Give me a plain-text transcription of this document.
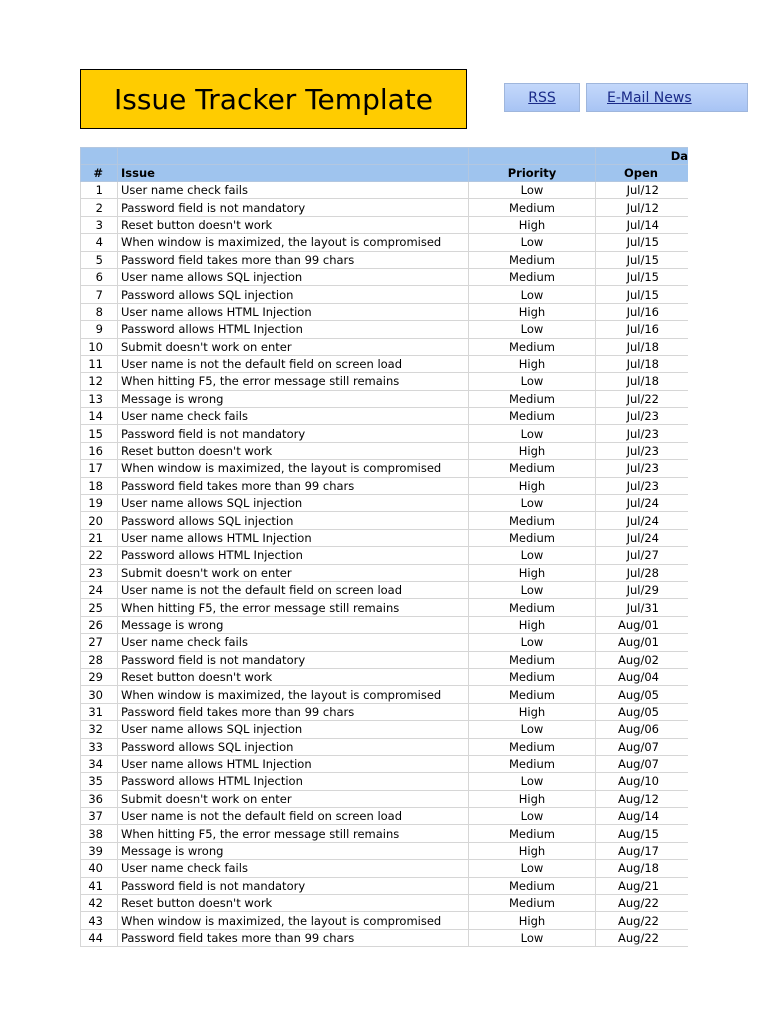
Issue Tracker Template	RSS	E-Mail News
			Da
#	Issue	Priority	Open
1	User name check fails	Low	Jul/12
2	Password field is not mandatory	Medium	Jul/12
3	Reset button doesn't work	High	Jul/14
4	When window is maximized, the layout is compromised	Low	Jul/15
5	Password field takes more than 99 chars	Medium	Jul/15
6	User name allows SQL injection	Medium	Jul/15
7	Password allows SQL injection	Low	Jul/15
8	User name allows HTML Injection	High	Jul/16
9	Password allows HTML Injection	Low	Jul/16
10	Submit doesn't work on enter	Medium	Jul/18
11	User name is not the default field on screen load	High	Jul/18
12	When hitting F5, the error message still remains	Low	Jul/18
13	Message is wrong	Medium	Jul/22
14	User name check fails	Medium	Jul/23
15	Password field is not mandatory	Low	Jul/23
16	Reset button doesn't work	High	Jul/23
17	When window is maximized, the layout is compromised	Medium	Jul/23
18	Password field takes more than 99 chars	High	Jul/23
19	User name allows SQL injection	Low	Jul/24
20	Password allows SQL injection	Medium	Jul/24
21	User name allows HTML Injection	Medium	Jul/24
22	Password allows HTML Injection	Low	Jul/27
23	Submit doesn't work on enter	High	Jul/28
24	User name is not the default field on screen load	Low	Jul/29
25	When hitting F5, the error message still remains	Medium	Jul/31
26	Message is wrong	High	Aug/01
27	User name check fails	Low	Aug/01
28	Password field is not mandatory	Medium	Aug/02
29	Reset button doesn't work	Medium	Aug/04
30	When window is maximized, the layout is compromised	Medium	Aug/05
31	Password field takes more than 99 chars	High	Aug/05
32	User name allows SQL injection	Low	Aug/06
33	Password allows SQL injection	Medium	Aug/07
34	User name allows HTML Injection	Medium	Aug/07
35	Password allows HTML Injection	Low	Aug/10
36	Submit doesn't work on enter	High	Aug/12
37	User name is not the default field on screen load	Low	Aug/14
38	When hitting F5, the error message still remains	Medium	Aug/15
39	Message is wrong	High	Aug/17
40	User name check fails	Low	Aug/18
41	Password field is not mandatory	Medium	Aug/21
42	Reset button doesn't work	Medium	Aug/22
43	When window is maximized, the layout is compromised	High	Aug/22
44	Password field takes more than 99 chars	Low	Aug/22
